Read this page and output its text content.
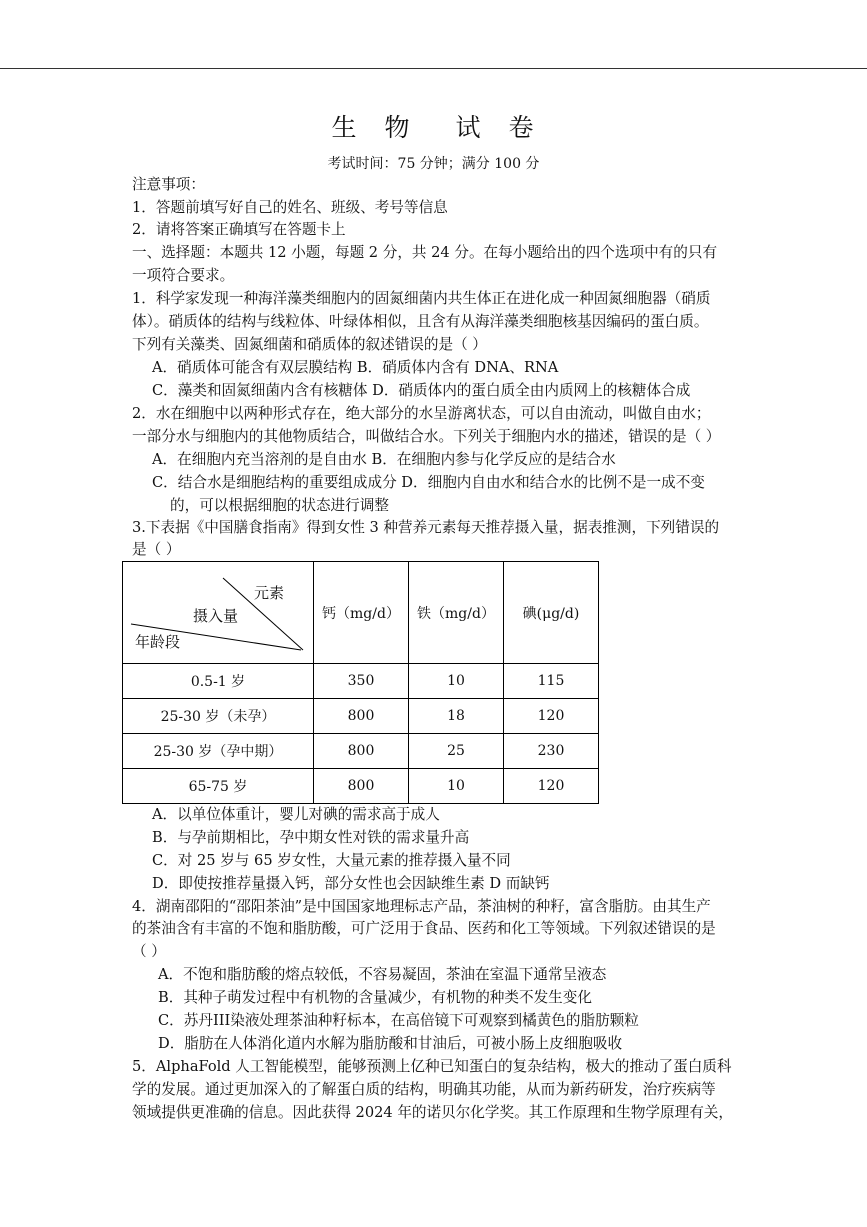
生 物 试 卷
考试时间：75 分钟；满分 100 分
注意事项：
1．答题前填写好自己的姓名、班级、考号等信息
2．请将答案正确填写在答题卡上
一、选择题：本题共 12 小题，每题 2 分，共 24 分。在每小题给出的四个选项中有的只有
一项符合要求。
1．科学家发现一种海洋藻类细胞内的固氮细菌内共生体正在进化成一种固氮细胞器（硝质
体）。硝质体的结构与线粒体、叶绿体相似，且含有从海洋藻类细胞核基因编码的蛋白质。
下列有关藻类、固氮细菌和硝质体的叙述错误的是（ ）
A．硝质体可能含有双层膜结构 B．硝质体内含有 DNA、RNA
C．藻类和固氮细菌内含有核糖体 D．硝质体内的蛋白质全由内质网上的核糖体合成
2．水在细胞中以两种形式存在，绝大部分的水呈游离状态，可以自由流动，叫做自由水；
一部分水与细胞内的其他物质结合，叫做结合水。下列关于细胞内水的描述，错误的是（ ）
A．在细胞内充当溶剂的是自由水 B．在细胞内参与化学反应的是结合水
C．结合水是细胞结构的重要组成成分 D．细胞内自由水和结合水的比例不是一成不变
的，可以根据细胞的状态进行调整
3.下表据《中国膳食指南》得到女性 3 种营养元素每天推荐摄入量，据表推测，下列错误的
是（ ）
元素
摄入量
年龄段	钙（mg/d）	铁（mg/d）	碘(μg/d)
0.5-1 岁	350	10	115
25-30 岁（未孕）	800	18	120
25-30 岁（孕中期）	800	25	230
65-75 岁	800	10	120
A．以单位体重计，婴儿对碘的需求高于成人
B．与孕前期相比，孕中期女性对铁的需求量升高
C．对 25 岁与 65 岁女性，大量元素的推荐摄入量不同
D．即使按推荐量摄入钙，部分女性也会因缺维生素 D 而缺钙
4．湖南邵阳的“邵阳茶油”是中国国家地理标志产品，茶油树的种籽，富含脂肪。由其生产
的茶油含有丰富的不饱和脂肪酸，可广泛用于食品、医药和化工等领域。下列叙述错误的是
（ ）
A．不饱和脂肪酸的熔点较低，不容易凝固，茶油在室温下通常呈液态
B．其种子萌发过程中有机物的含量减少，有机物的种类不发生变化
C．苏丹III染液处理茶油种籽标本，在高倍镜下可观察到橘黄色的脂肪颗粒
D．脂肪在人体消化道内水解为脂肪酸和甘油后，可被小肠上皮细胞吸收
5．AlphaFold 人工智能模型，能够预测上亿种已知蛋白的复杂结构，极大的推动了蛋白质科
学的发展。通过更加深入的了解蛋白质的结构，明确其功能，从而为新药研发，治疗疾病等
领域提供更准确的信息。因此获得 2024 年的诺贝尔化学奖。其工作原理和生物学原理有关，
